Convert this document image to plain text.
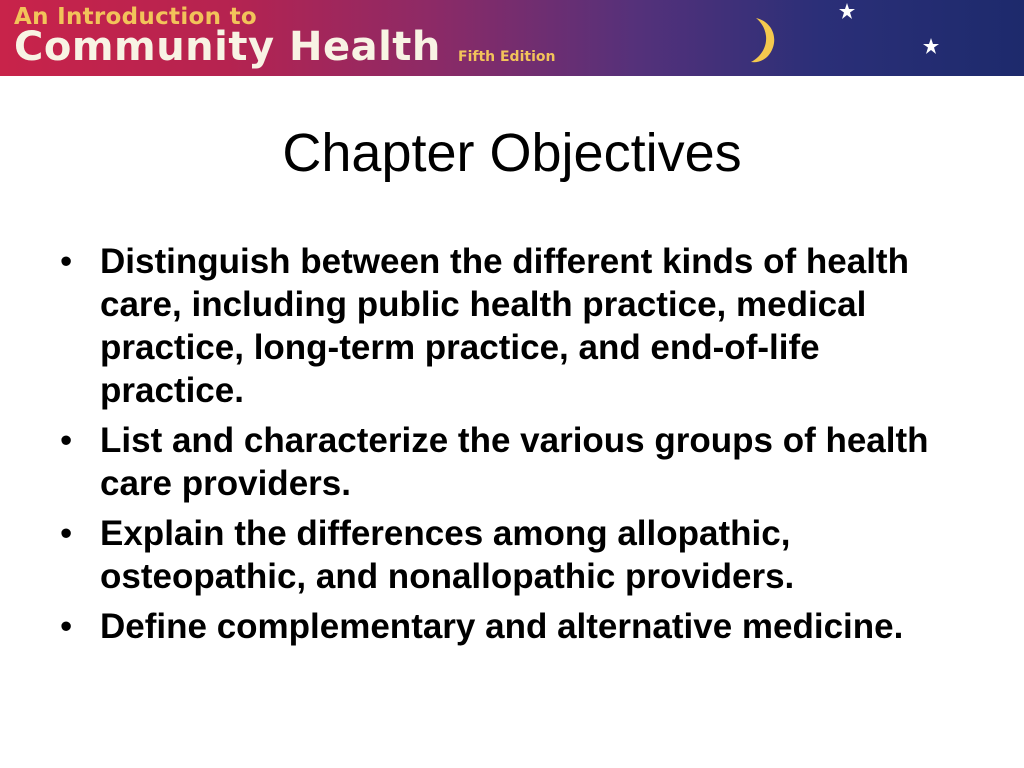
An Introduction to
Community Health Fifth Edition
Chapter Objectives
• Distinguish between the different kinds of health care, including public health practice, medical practice, long-term practice, and end-of-life practice.
• List and characterize the various groups of health care providers.
• Explain the differences among allopathic, osteopathic, and nonallopathic providers.
• Define complementary and alternative medicine.
